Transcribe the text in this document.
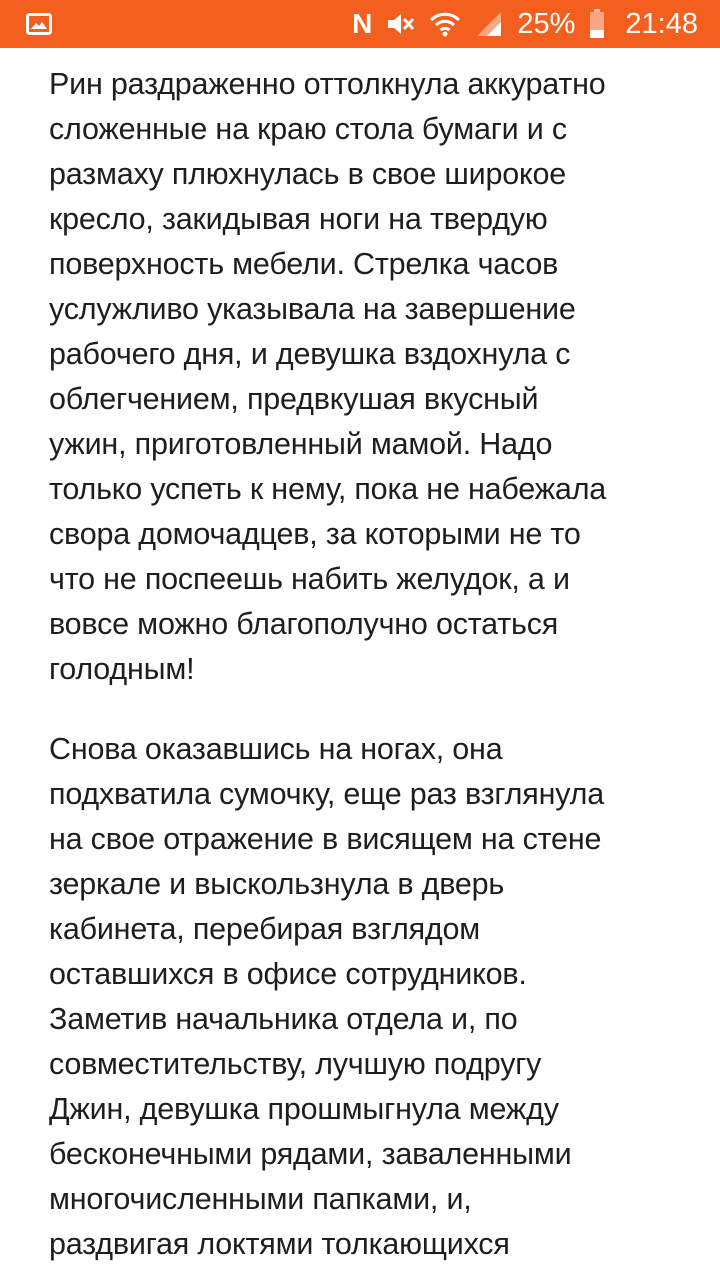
N	25% 21:48
Рин раздраженно оттолкнула аккуратно
сложенные на краю стола бумаги и с
размаху плюхнулась в свое широкое
кресло, закидывая ноги на твердую
поверхность мебели. Стрелка часов
услужливо указывала на завершение
рабочего дня, и девушка вздохнула с
облегчением, предвкушая вкусный
ужин, приготовленный мамой. Надо
только успеть к нему, пока не набежала
свора домочадцев, за которыми не то
что не поспеешь набить желудок, а и
вовсе можно благополучно остаться
голодным!
Снова оказавшись на ногах, она
подхватила сумочку, еще раз взглянула
на свое отражение в висящем на стене
зеркале и выскользнула в дверь
кабинета, перебирая взглядом
оставшихся в офисе сотрудников.
Заметив начальника отдела и, по
совместительству, лучшую подругу
Джин, девушка прошмыгнула между
бесконечными рядами, заваленными
многочисленными папками, и,
раздвигая локтями толкающихся
